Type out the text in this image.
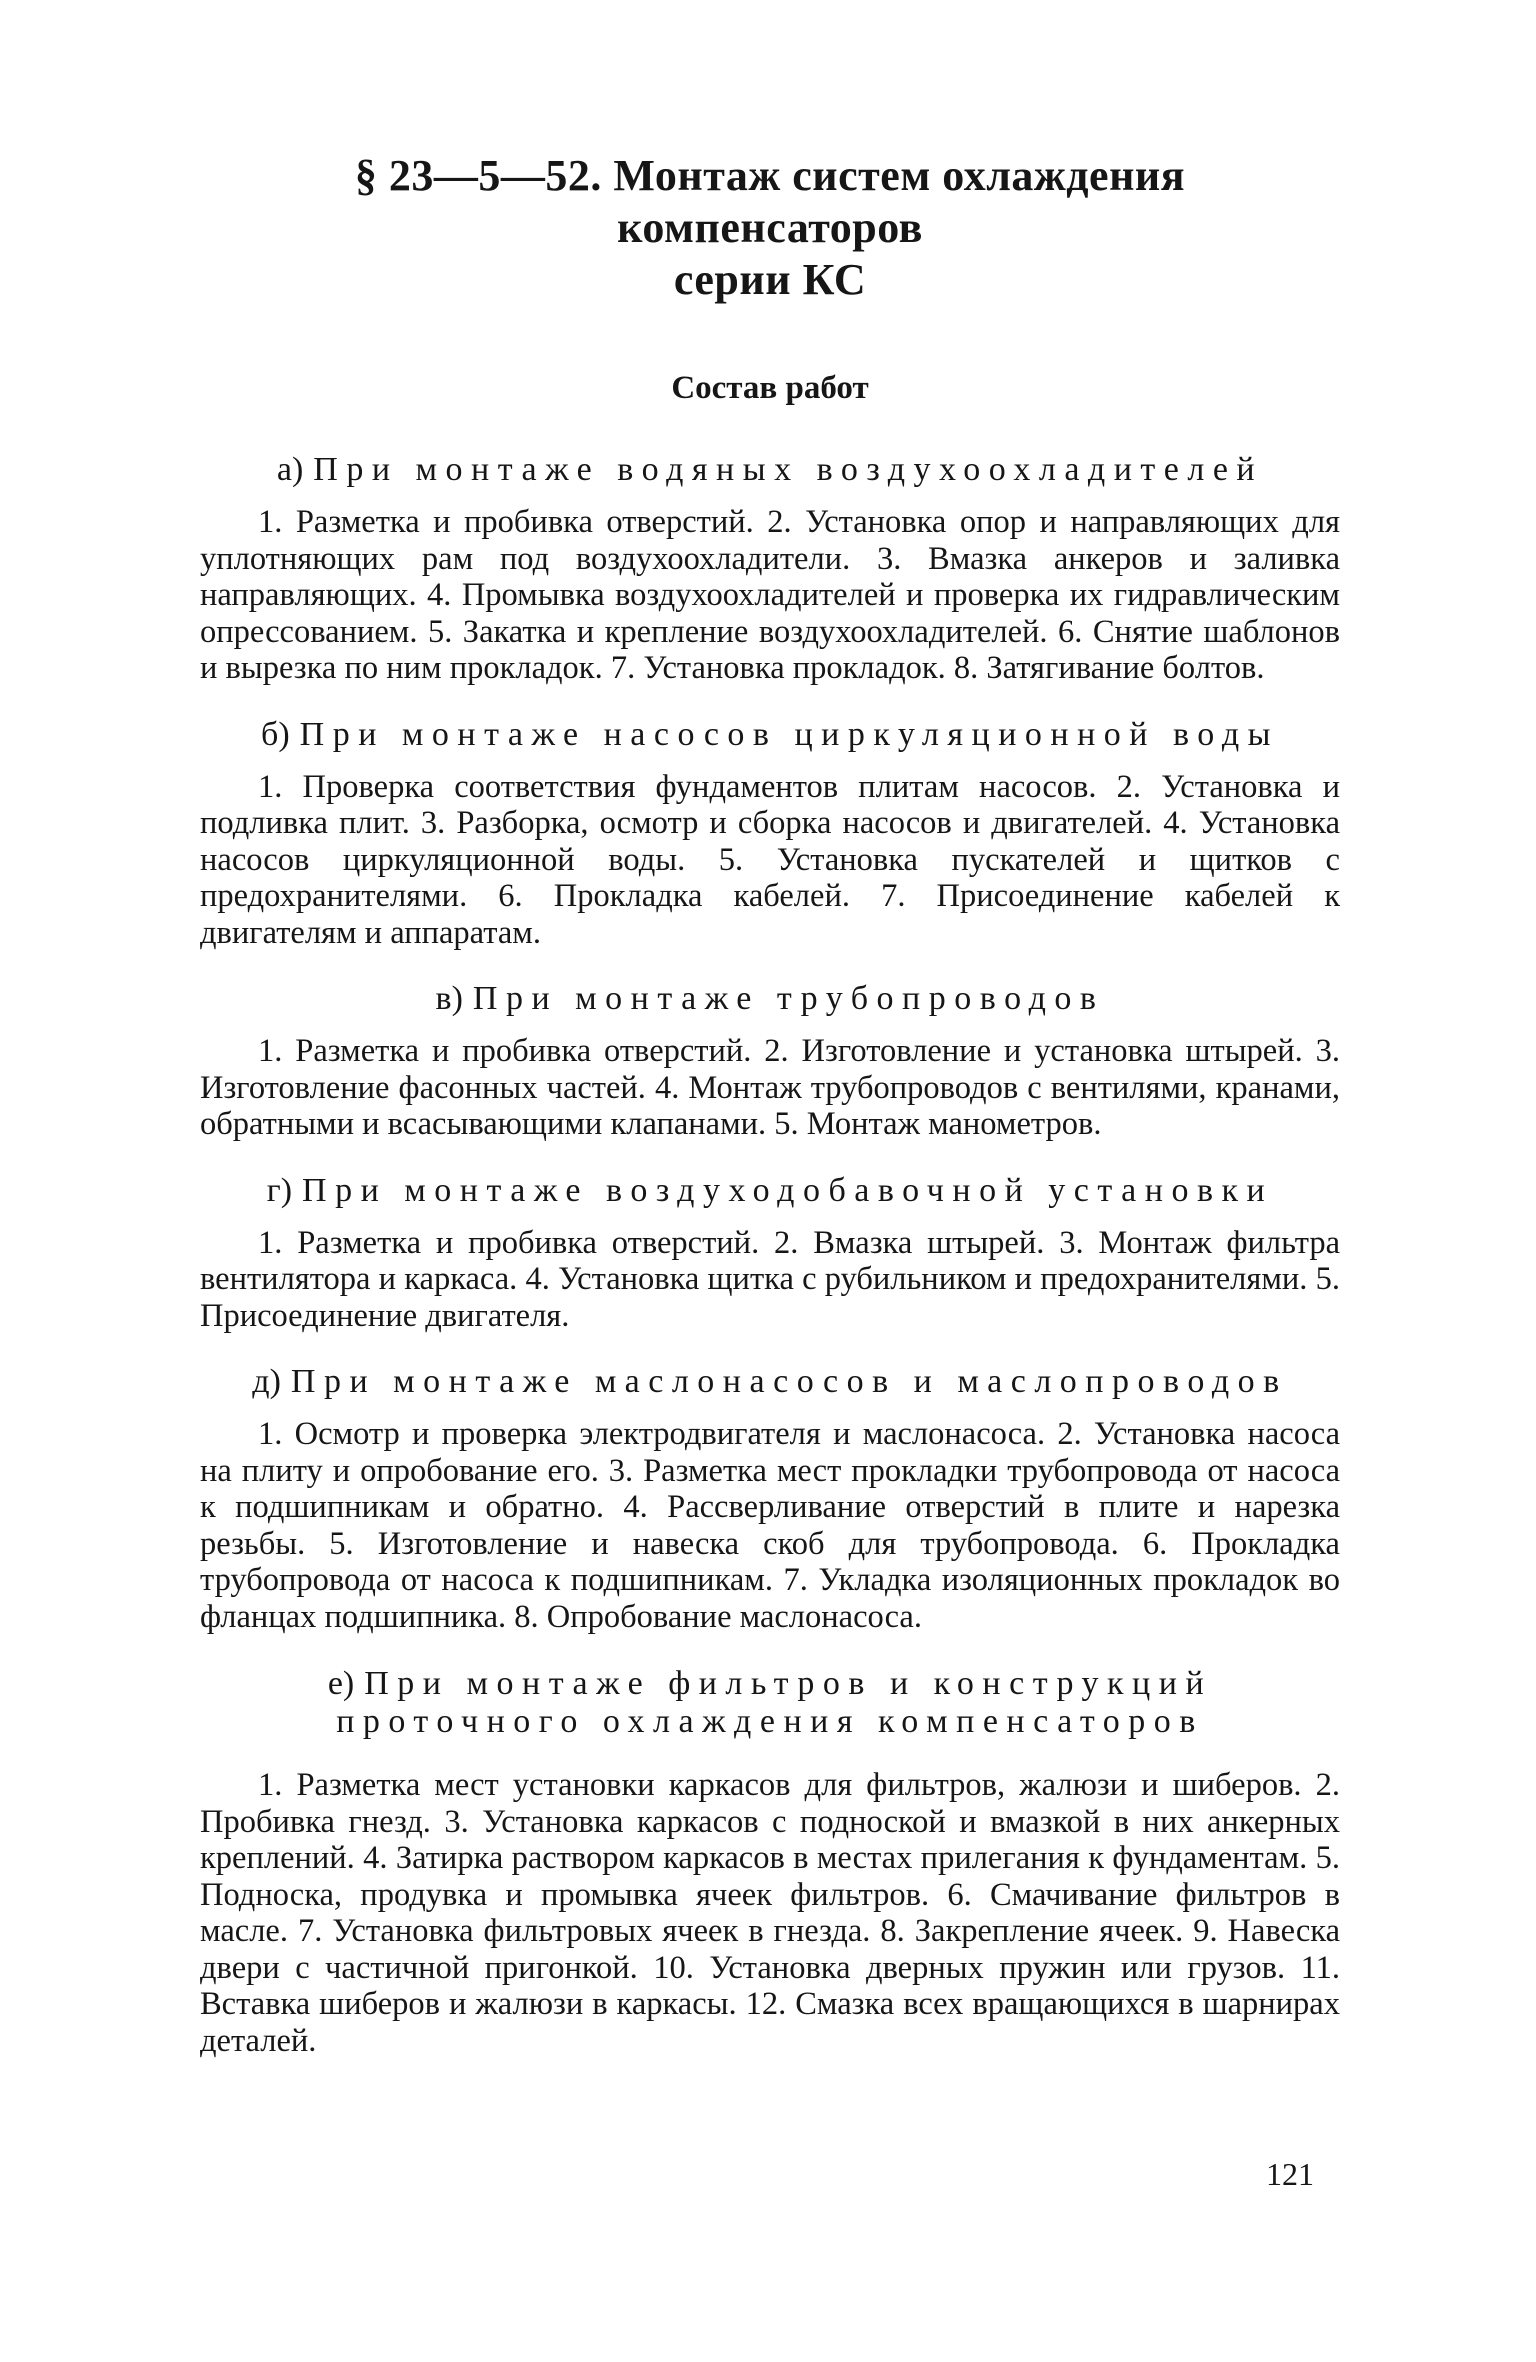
§ 23—5—52. Монтаж систем охлаждения компенсаторов
серии КС
Состав работ
а) При монтаже водяных воздухоохладителей

1. Разметка и пробивка отверстий. 2. Установка опор и направляющих для уплотняющих рам под воздухоохладители. 3. Вмазка анкеров и заливка направляющих. 4. Промывка воздухоохладителей и проверка их гидравлическим опрессованием. 5. Закатка и крепление воздухоохладителей. 6. Снятие шаблонов и вырезка по ним прокладок. 7. Установка прокладок. 8. Затягивание болтов.

б) При монтаже насосов циркуляционной воды

1. Проверка соответствия фундаментов плитам насосов. 2. Установка и подливка плит. 3. Разборка, осмотр и сборка насосов и двигателей. 4. Установка насосов циркуляционной воды. 5. Установка пускателей и щитков с предохранителями. 6. Прокладка кабелей. 7. Присоединение кабелей к двигателям и аппаратам.

в) При монтаже трубопроводов

1. Разметка и пробивка отверстий. 2. Изготовление и установка штырей. 3. Изготовление фасонных частей. 4. Монтаж трубопроводов с вентилями, кранами, обратными и всасывающими клапанами. 5. Монтаж манометров.

г) При монтаже воздуходобавочной установки

1. Разметка и пробивка отверстий. 2. Вмазка штырей. 3. Монтаж фильтра вентилятора и каркаса. 4. Установка щитка с рубильником и предохранителями. 5. Присоединение двигателя.

д) При монтаже маслонасосов и маслопроводов

1. Осмотр и проверка электродвигателя и маслонасоса. 2. Установка насоса на плиту и опробование его. 3. Разметка мест прокладки трубопровода от насоса к подшипникам и обратно. 4. Рассверливание отверстий в плите и нарезка резьбы. 5. Изготовление и навеска скоб для трубопровода. 6. Прокладка трубопровода от насоса к подшипникам. 7. Укладка изоляционных прокладок во фланцах подшипника. 8. Опробование маслонасоса.

е) При монтаже фильтров и конструкций
проточного охлаждения компенсаторов

1. Разметка мест установки каркасов для фильтров, жалюзи и шиберов. 2. Пробивка гнезд. 3. Установка каркасов с подноской и вмазкой в них анкерных креплений. 4. Затирка раствором каркасов в местах прилегания к фундаментам. 5. Подноска, продувка и промывка ячеек фильтров. 6. Смачивание фильтров в масле. 7. Установка фильтровых ячеек в гнезда. 8. Закрепление ячеек. 9. Навеска двери с частичной пригонкой. 10. Установка дверных пружин или грузов. 11. Вставка шиберов и жалюзи в каркасы. 12. Смазка всех вращающихся в шарнирах деталей.

121
